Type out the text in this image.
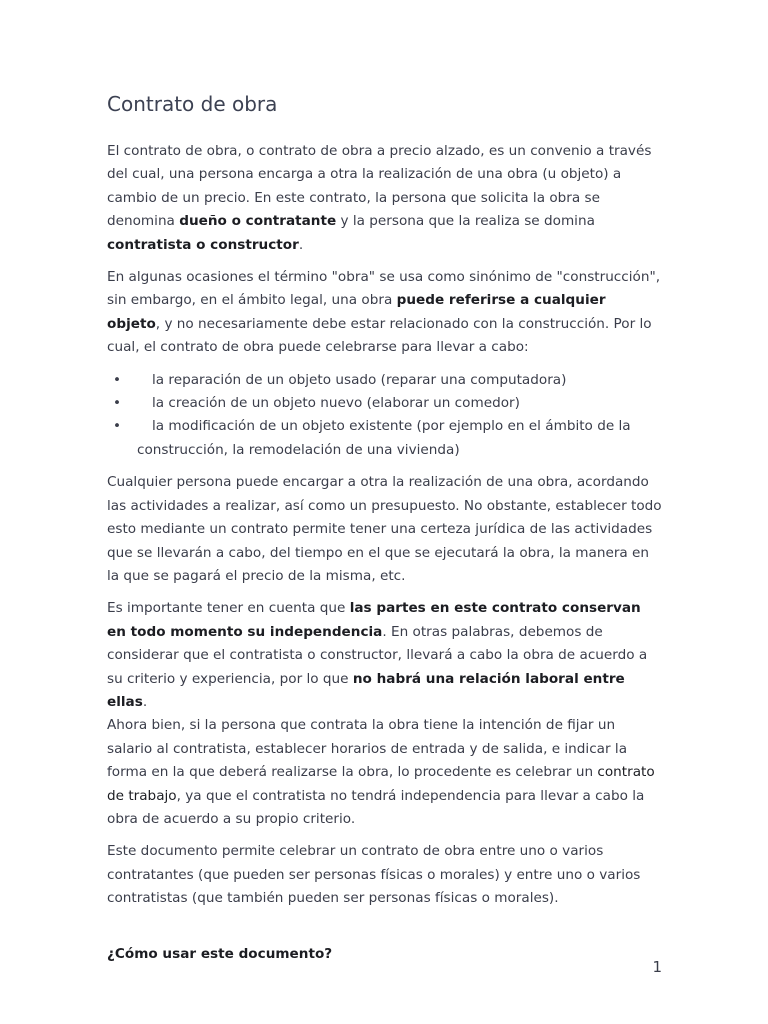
Contrato de obra

El contrato de obra, o contrato de obra a precio alzado, es un convenio a través del cual, una persona encarga a otra la realización de una obra (u objeto) a cambio de un precio. En este contrato, la persona que solicita la obra se denomina dueño o contratante y la persona que la realiza se domina contratista o constructor.

En algunas ocasiones el término "obra" se usa como sinónimo de "construcción", sin embargo, en el ámbito legal, una obra puede referirse a cualquier objeto, y no necesariamente debe estar relacionado con la construcción. Por lo cual, el contrato de obra puede celebrarse para llevar a cabo:

•	la reparación de un objeto usado (reparar una computadora)
•	la creación de un objeto nuevo (elaborar un comedor)
•	la modificación de un objeto existente (por ejemplo en el ámbito de la construcción, la remodelación de una vivienda)

Cualquier persona puede encargar a otra la realización de una obra, acordando las actividades a realizar, así como un presupuesto. No obstante, establecer todo esto mediante un contrato permite tener una certeza jurídica de las actividades que se llevarán a cabo, del tiempo en el que se ejecutará la obra, la manera en la que se pagará el precio de la misma, etc.

Es importante tener en cuenta que las partes en este contrato conservan en todo momento su independencia. En otras palabras, debemos de considerar que el contratista o constructor, llevará a cabo la obra de acuerdo a su criterio y experiencia, por lo que no habrá una relación laboral entre ellas.

Ahora bien, si la persona que contrata la obra tiene la intención de fijar un salario al contratista, establecer horarios de entrada y de salida, e indicar la forma en la que deberá realizarse la obra, lo procedente es celebrar un contrato de trabajo, ya que el contratista no tendrá independencia para llevar a cabo la obra de acuerdo a su propio criterio.

Este documento permite celebrar un contrato de obra entre uno o varios contratantes (que pueden ser personas físicas o morales) y entre uno o varios contratistas (que también pueden ser personas físicas o morales).

¿Cómo usar este documento?
1
